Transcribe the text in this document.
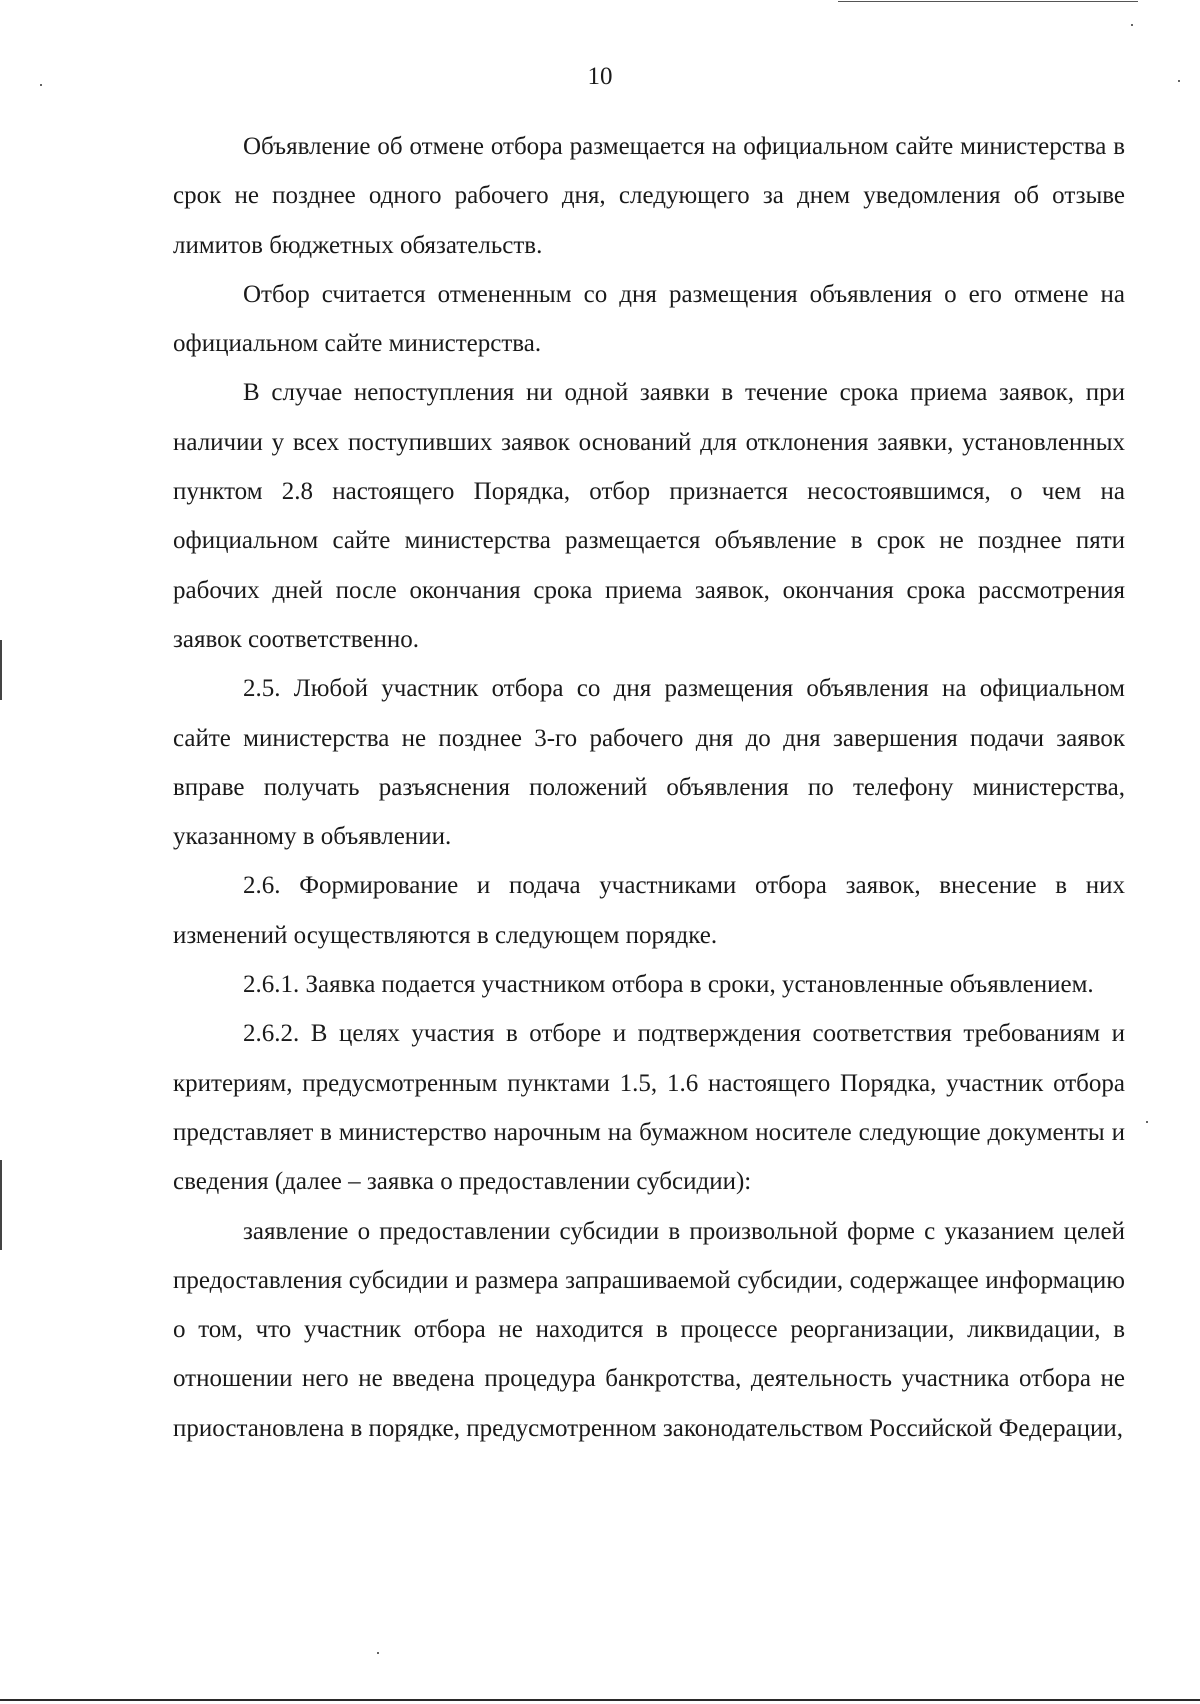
10

Объявление об отмене отбора размещается на официальном сайте министерства в срок не позднее одного рабочего дня, следующего за днем уведомления об отзыве лимитов бюджетных обязательств.

Отбор считается отмененным со дня размещения объявления о его отмене на официальном сайте министерства.

В случае непоступления ни одной заявки в течение срока приема заявок, при наличии у всех поступивших заявок оснований для отклонения заявки, установленных пунктом 2.8 настоящего Порядка, отбор признается несостоявшимся, о чем на официальном сайте министерства размещается объявление в срок не позднее пяти рабочих дней после окончания срока приема заявок, окончания срока рассмотрения заявок соответственно.

2.5. Любой участник отбора со дня размещения объявления на официальном сайте министерства не позднее 3-го рабочего дня до дня завершения подачи заявок вправе получать разъяснения положений объявления по телефону министерства, указанному в объявлении.

2.6. Формирование и подача участниками отбора заявок, внесение в них изменений осуществляются в следующем порядке.

2.6.1. Заявка подается участником отбора в сроки, установленные объявлением.

2.6.2. В целях участия в отборе и подтверждения соответствия требованиям и критериям, предусмотренным пунктами 1.5, 1.6 настоящего Порядка, участник отбора представляет в министерство нарочным на бумажном носителе следующие документы и сведения (далее – заявка о предоставлении субсидии):

заявление о предоставлении субсидии в произвольной форме с указанием целей предоставления субсидии и размера запрашиваемой субсидии, содержащее информацию о том, что участник отбора не находится в процессе реорганизации, ликвидации, в отношении него не введена процедура банкротства, деятельность участника отбора не приостановлена в порядке, предусмотренном законодательством Российской Федерации,
